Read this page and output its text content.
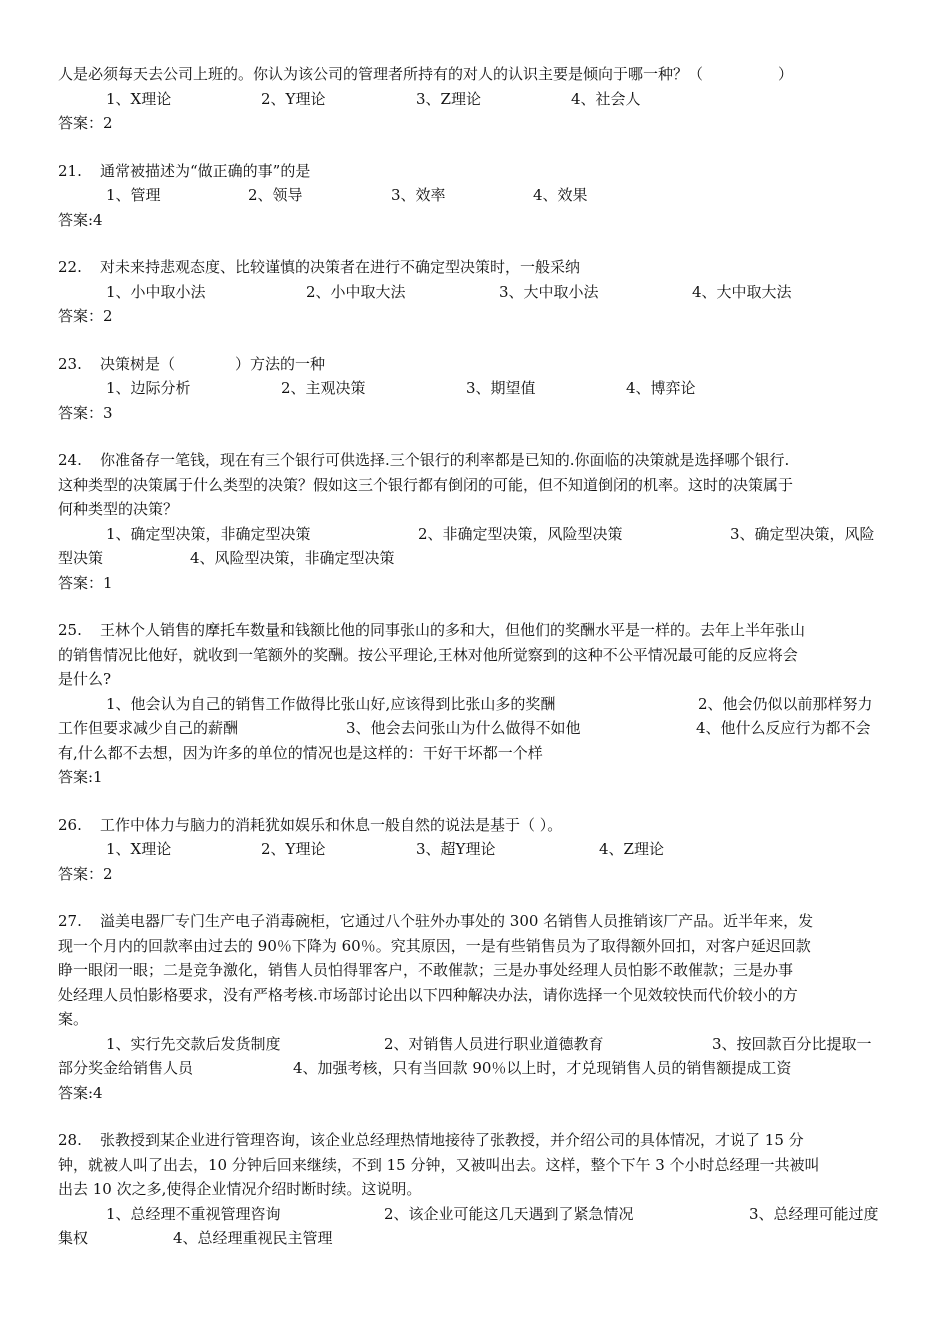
人是必须每天去公司上班的。你认为该公司的管理者所持有的对人的认识主要是倾向于哪一种？（　　　　　）
1、X理论	2、Y理论	3、Z理论	4、社会人
答案：2
21. 通常被描述为“做正确的事”的是
1、管理	2、领导	3、效率	4、效果
答案:4
22. 对未来持悲观态度、比较谨慎的决策者在进行不确定型决策时，一般采纳
1、小中取小法	2、小中取大法	3、大中取小法	4、大中取大法
答案：2
23. 决策树是（　　　　）方法的一种
1、边际分析	2、主观决策	3、期望值	4、博弈论
答案：3
24. 你准备存一笔钱，现在有三个银行可供选择.三个银行的利率都是已知的.你面临的决策就是选择哪个银行.
这种类型的决策属于什么类型的决策？假如这三个银行都有倒闭的可能，但不知道倒闭的机率。这时的决策属于
何种类型的决策？
1、确定型决策，非确定型决策	2、非确定型决策，风险型决策	3、确定型决策，风险
型决策	4、风险型决策，非确定型决策
答案：1
25. 王林个人销售的摩托车数量和钱额比他的同事张山的多和大，但他们的奖酬水平是一样的。去年上半年张山
的销售情况比他好，就收到一笔额外的奖酬。按公平理论,王林对他所觉察到的这种不公平情况最可能的反应将会
是什么?
1、他会认为自己的销售工作做得比张山好,应该得到比张山多的奖酬	2、他会仍似以前那样努力
工作但要求减少自己的薪酬	3、他会去问张山为什么做得不如他	4、他什么反应行为都不会
有,什么都不去想，因为许多的单位的情况也是这样的：干好干坏都一个样
答案:1
26. 工作中体力与脑力的消耗犹如娱乐和休息一般自然的说法是基于（ ）。
1、X理论	2、Y理论	3、超Y理论	4、Z理论
答案：2
27. 溢美电器厂专门生产电子消毒碗柜，它通过八个驻外办事处的 300 名销售人员推销该厂产品。近半年来，发
现一个月内的回款率由过去的 90％下降为 60％。究其原因，一是有些销售员为了取得额外回扣，对客户延迟回款
睁一眼闭一眼；二是竞争激化，销售人员怕得罪客户，不敢催款；三是办事处经理人员怕影不敢催款；三是办事
处经理人员怕影格要求，没有严格考核.市场部讨论出以下四种解决办法，请你选择一个见效较快而代价较小的方
案。
1、实行先交款后发货制度	2、对销售人员进行职业道德教育	3、按回款百分比提取一
部分奖金给销售人员	4、加强考核，只有当回款 90％以上时，才兑现销售人员的销售额提成工资
答案:4
28. 张教授到某企业进行管理咨询，该企业总经理热情地接待了张教授，并介绍公司的具体情况，才说了 15 分
钟，就被人叫了出去，10 分钟后回来继续，不到 15 分钟，又被叫出去。这样，整个下午 3 个小时总经理一共被叫
出去 10 次之多,使得企业情况介绍时断时续。这说明。
1、总经理不重视管理咨询	2、该企业可能这几天遇到了紧急情况	3、总经理可能过度
集权	4、总经理重视民主管理
